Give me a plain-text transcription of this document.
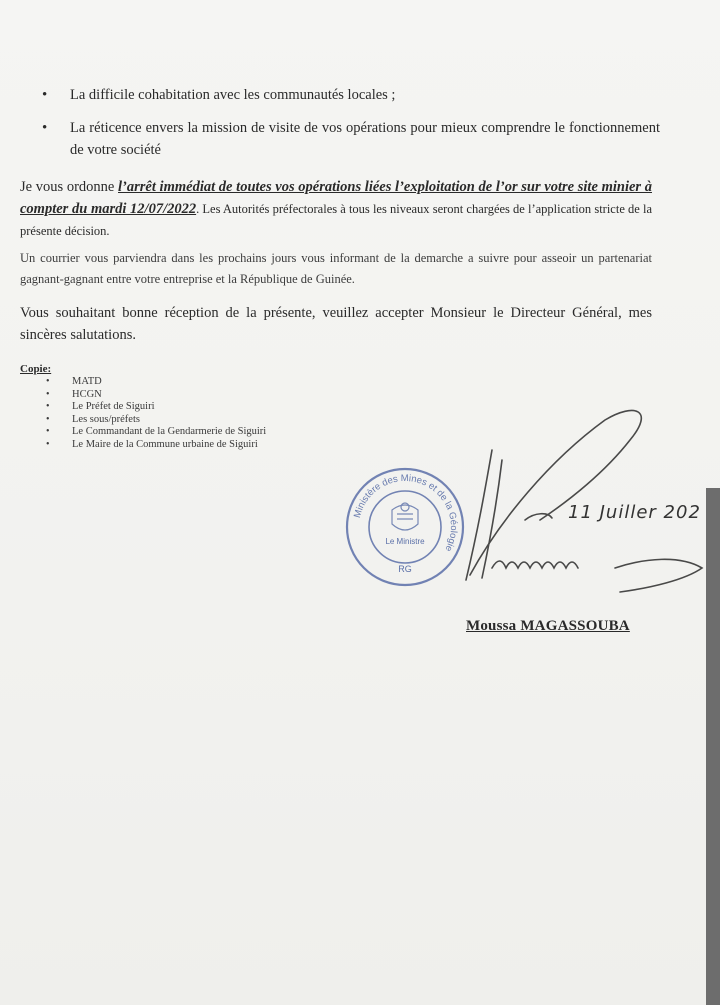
• La difficile cohabitation avec les communautés locales ;
• La réticence envers la mission de visite de vos opérations pour mieux comprendre le fonctionnement de votre société

Je vous ordonne l’arrêt immédiat de toutes vos opérations liées l’exploitation de l’or sur votre site minier à compter du mardi 12/07/2022. Les Autorités préfectorales à tous les niveaux seront chargées de l’application stricte de la présente décision.

Un courrier vous parviendra dans les prochains jours vous informant de la demarche a suivre pour asseoir un partenariat gagnant-gagnant entre votre entreprise et la République de Guinée.

Vous souhaitant bonne réception de la présente, veuillez accepter Monsieur le Directeur Général, mes sincères salutations.

Copie:
• MATD
• HCGN
• Le Préfet de Siguiri
• Les sous/préfets
• Le Commandant de la Gendarmerie de Siguiri
• Le Maire de la Commune urbaine de Siguiri
Ministère des Mines et de la Géologie
Le Ministre
RG
11 Juiller 202
Moussa MAGASSOUBA
